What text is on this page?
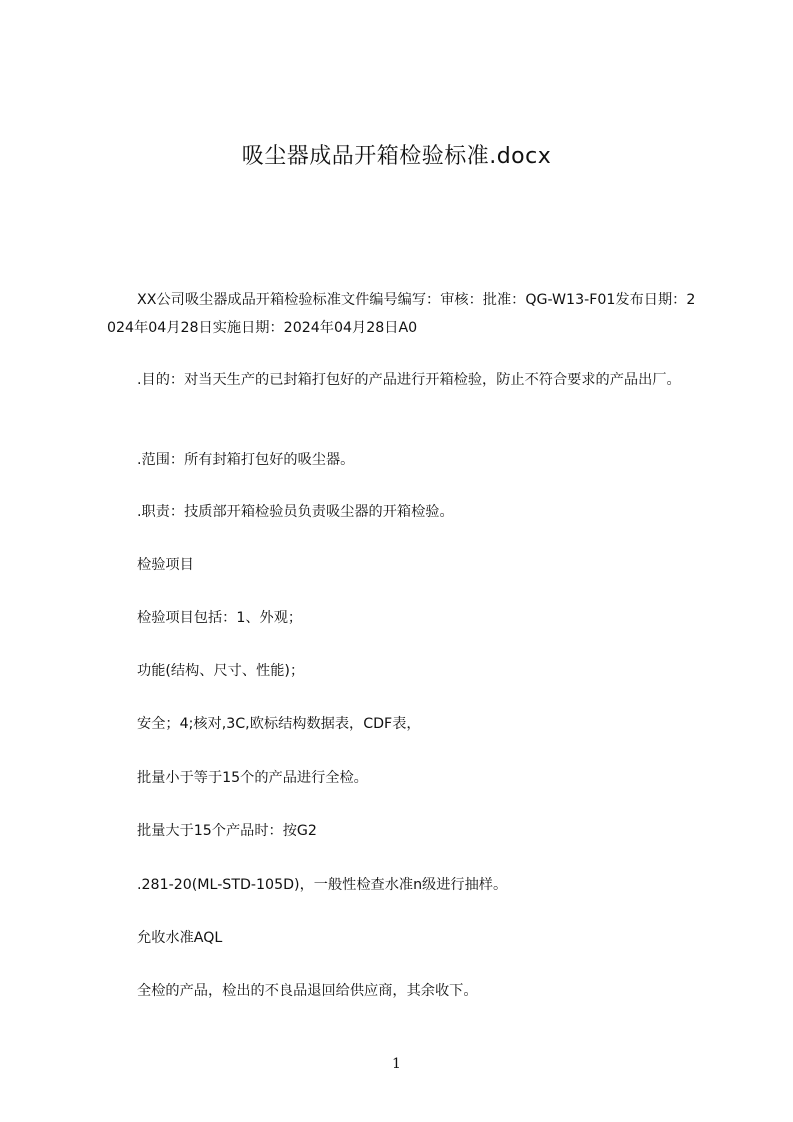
吸尘器成品开箱检验标准.docx
XX公司吸尘器成品开箱检验标准文件编号编写：审核：批准：QG-W13-F01发布日期：2024年04月28日实施日期：2024年04月28日A0
.目的：对当天生产的已封箱打包好的产品进行开箱检验，防止不符合要求的产品出厂。
.范围：所有封箱打包好的吸尘器。
.职责：技质部开箱检验员负责吸尘器的开箱检验。
检验项目
检验项目包括：1、外观；
功能(结构、尺寸、性能)；
安全；4;核对,3C,欧标结构数据表，CDF表，
批量小于等于15个的产品进行全检。
批量大于15个产品时：按G2
.281-20(ML-STD-105D)，一般性检查水准n级进行抽样。
允收水准AQL
全检的产品，检出的不良品退回给供应商，其余收下。
1
